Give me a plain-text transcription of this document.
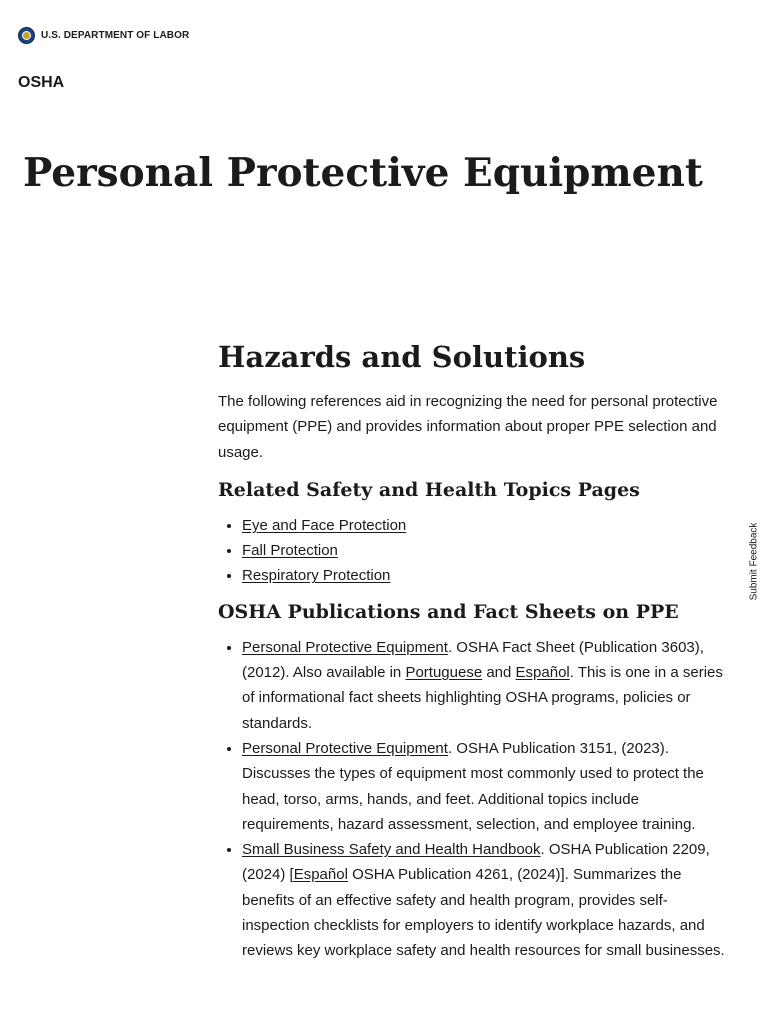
U.S. DEPARTMENT OF LABOR
OSHA
Personal Protective Equipment
Hazards and Solutions

The following references aid in recognizing the need for personal protective equipment (PPE) and provides information about proper PPE selection and usage.

Related Safety and Health Topics Pages
• Eye and Face Protection
• Fall Protection
• Respiratory Protection
OSHA Publications and Fact Sheets on PPE
• Personal Protective Equipment. OSHA Fact Sheet (Publication 3603), (2012). Also available in Portuguese and Español. This is one in a series of informational fact sheets highlighting OSHA programs, policies or standards.
• Personal Protective Equipment. OSHA Publication 3151, (2023). Discusses the types of equipment most commonly used to protect the head, torso, arms, hands, and feet. Additional topics include requirements, hazard assessment, selection, and employee training.
• Small Business Safety and Health Handbook. OSHA Publication 2209, (2024) [Español OSHA Publication 4261, (2024)]. Summarizes the benefits of an effective safety and health program, provides self-inspection checklists for employers to identify workplace hazards, and reviews key workplace safety and health resources for small businesses.
Submit Feedback
